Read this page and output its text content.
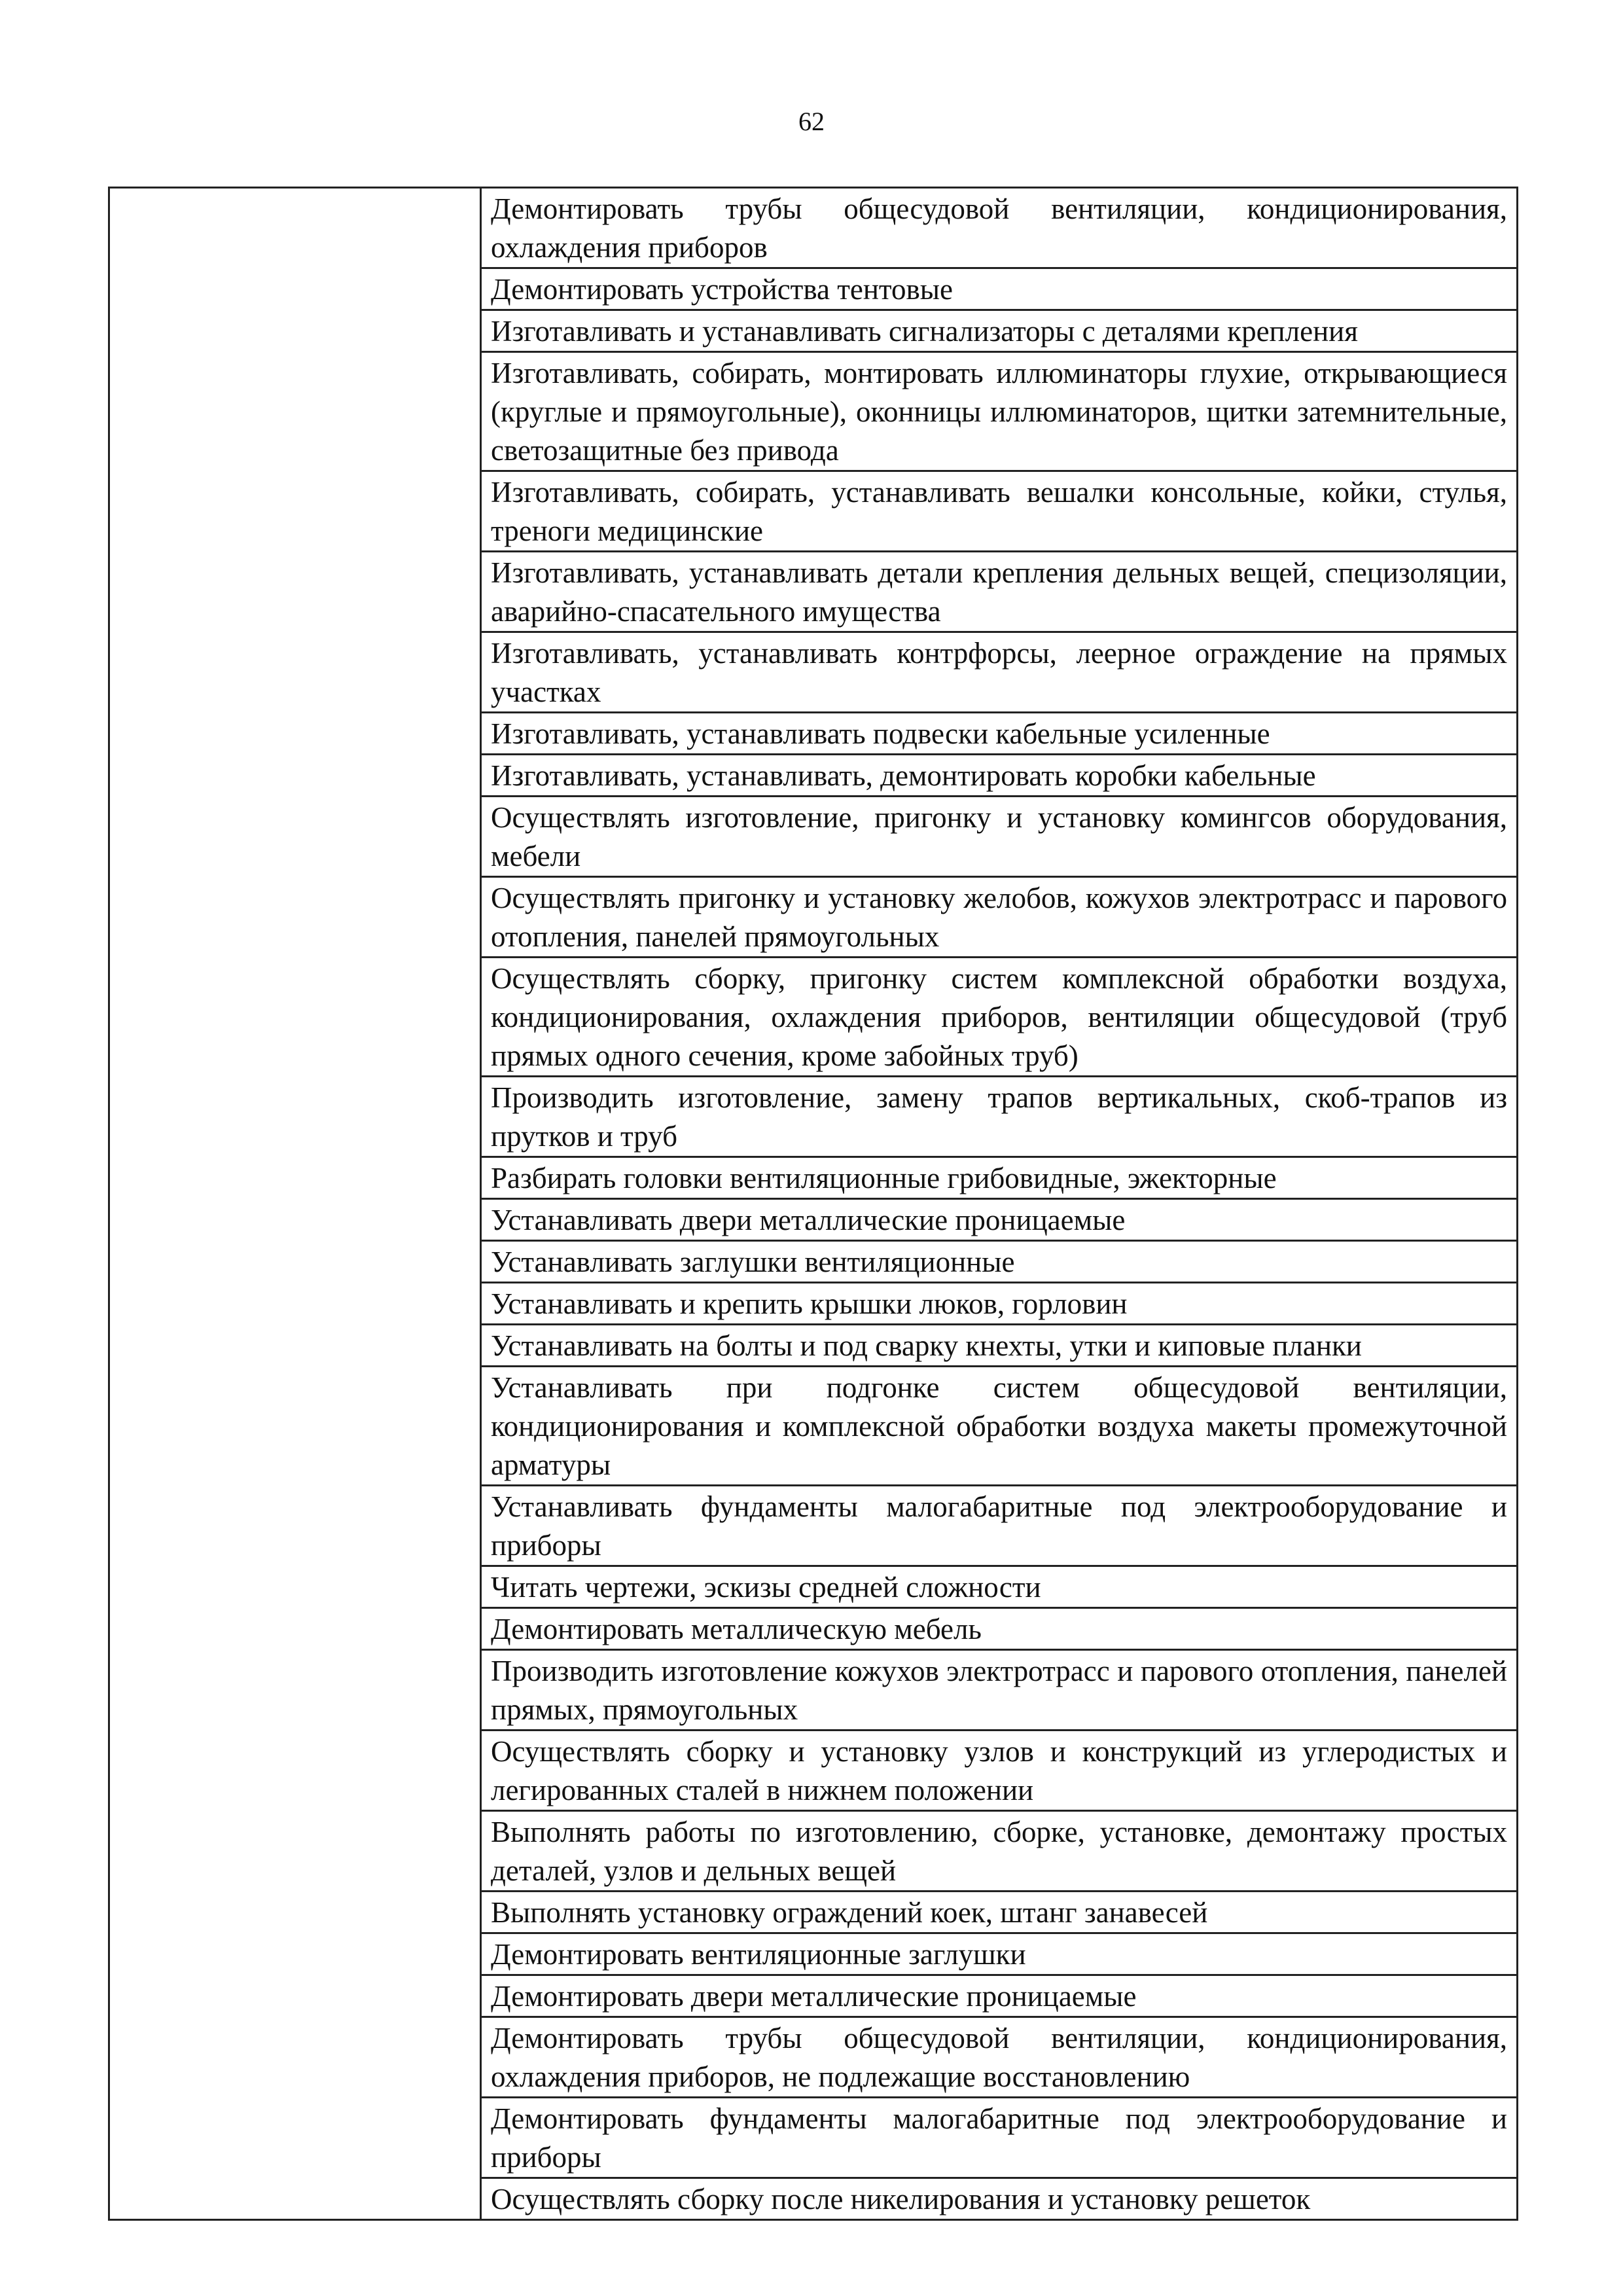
62
	Демонтировать трубы общесудовой вентиляции, кондиционирования, охлаждения приборов
Демонтировать устройства тентовые
Изготавливать и устанавливать сигнализаторы с деталями крепления
Изготавливать, собирать, монтировать иллюминаторы глухие, открывающиеся (круглые и прямоугольные), оконницы иллюминаторов, щитки затемнительные, светозащитные без привода
Изготавливать, собирать, устанавливать вешалки консольные, койки, стулья, треноги медицинские
Изготавливать, устанавливать детали крепления дельных вещей, специзоляции, аварийно-спасательного имущества
Изготавливать, устанавливать контрфорсы, леерное ограждение на прямых участках
Изготавливать, устанавливать подвески кабельные усиленные
Изготавливать, устанавливать, демонтировать коробки кабельные
Осуществлять изготовление, пригонку и установку комингсов оборудования, мебели
Осуществлять пригонку и установку желобов, кожухов электротрасс и парового отопления, панелей прямоугольных
Осуществлять сборку, пригонку систем комплексной обработки воздуха, кондиционирования, охлаждения приборов, вентиляции общесудовой (труб прямых одного сечения, кроме забойных труб)
Производить изготовление, замену трапов вертикальных, скоб-трапов из прутков и труб
Разбирать головки вентиляционные грибовидные, эжекторные
Устанавливать двери металлические проницаемые
Устанавливать заглушки вентиляционные
Устанавливать и крепить крышки люков, горловин
Устанавливать на болты и под сварку кнехты, утки и киповые планки
Устанавливать при подгонке систем общесудовой вентиляции, кондиционирования и комплексной обработки воздуха макеты промежуточной арматуры
Устанавливать фундаменты малогабаритные под электрооборудование и приборы
Читать чертежи, эскизы средней сложности
Демонтировать металлическую мебель
Производить изготовление кожухов электротрасс и парового отопления, панелей прямых, прямоугольных
Осуществлять сборку и установку узлов и конструкций из углеродистых и легированных сталей в нижнем положении
Выполнять работы по изготовлению, сборке, установке, демонтажу простых деталей, узлов и дельных вещей
Выполнять установку ограждений коек, штанг занавесей
Демонтировать вентиляционные заглушки
Демонтировать двери металлические проницаемые
Демонтировать трубы общесудовой вентиляции, кондиционирования, охлаждения приборов, не подлежащие восстановлению
Демонтировать фундаменты малогабаритные под электрооборудование и приборы
Осуществлять сборку после никелирования и установку решеток
